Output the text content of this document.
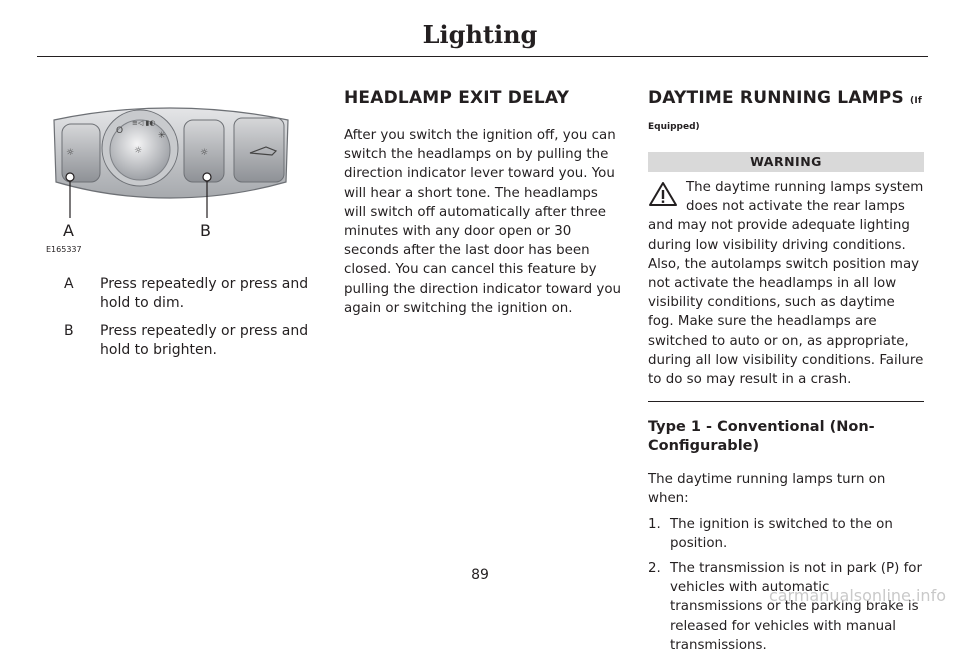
Lighting
O
≡◁ ▮◐
✳
☼
☼	☼
A	B
E165337
A	Press repeatedly or press and hold to dim.
B	Press repeatedly or press and hold to brighten.
HEADLAMP EXIT DELAY

After you switch the ignition off, you can switch the headlamps on by pulling the direction indicator lever toward you. You will hear a short tone. The headlamps will switch off automatically after three minutes with any door open or 30 seconds after the last door has been closed. You can cancel this feature by pulling the direction indicator toward you again or switching the ignition on.

DAYTIME RUNNING LAMPS (If
Equipped)
WARNING
The daytime running lamps system does not activate the rear lamps and may not provide adequate lighting during low visibility driving conditions. Also, the autolamps switch position may not activate the headlamps in all low visibility conditions, such as daytime fog. Make sure the headlamps are switched to auto or on, as appropriate, during all low visibility conditions. Failure to do so may result in a crash.
Type 1 - Conventional (Non-Configurable)

The daytime running lamps turn on when:

1. The ignition is switched to the on position.
2. The transmission is not in park (P) for vehicles with automatic transmissions or the parking brake is released for vehicles with manual transmissions.
89
carmanualsonline.info
